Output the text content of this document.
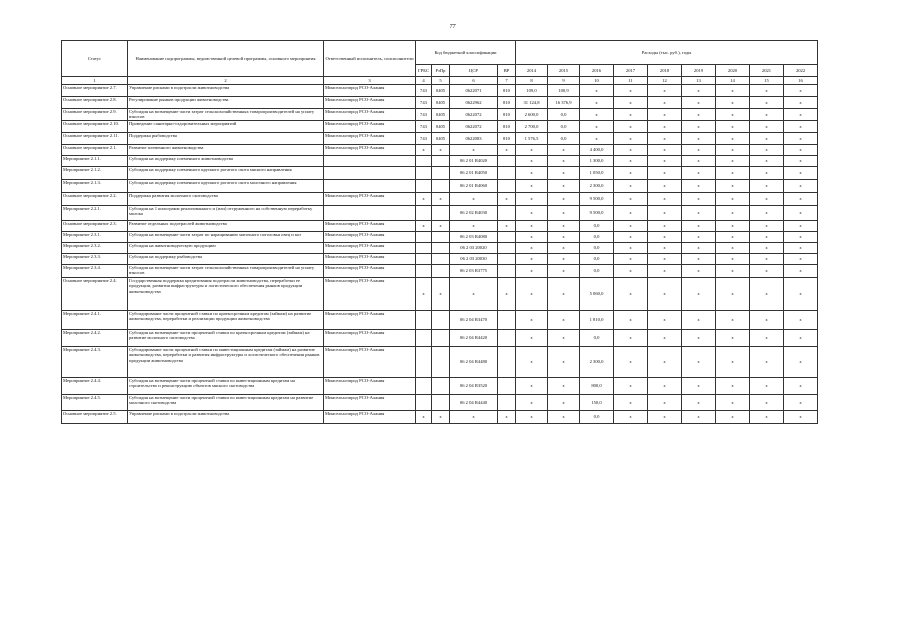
77
Статус	Наименование подпрограммы, ведомственной целевой программы, основного мероприятия	Ответственный исполнитель, соисполнители	Код бюджетной классификации				Расходы (тыс. руб.), годы								
			ГРБС	РзПр	ЦСР	ВР	2014	2015	2016	2017	2018	2019	2020	2021	2022
1	2	3	4	5	6	7	8	9	10	11	12	13	14	15	16
Основное мероприятие 2.7.	Управление рисками в подотрасли животноводства	Минсельхозпрод РСО-Алания	743	0405	0622071	810	109,0	100,9	x	x	x	x	x	x	x
Основное мероприятие 2.8.	Регулирование рынков продукции животноводства	Минсельхозпрод РСО-Алания	743	0405	0622962	810	31 124,8	16 376,9	x	x	x	x	x	x	x
Основное мероприятие 2.9.	Субсидия на возмещение части затрат сельскохозяйственных товаропроизводителей на уплату взносов	Минсельхозпрод РСО-Алания	743	0405	0622072	810	2 600,0	0,0	x	x	x	x	x	x	x
Основное мероприятие 2.10.	Проведение санитарно-оздоровительных мероприятий	Минсельхозпрод РСО-Алания	743	0405	0622072	810	2 700,0	0,0	x	x	x	x	x	x	x
Основное мероприятие 2.11.	Поддержка рыбоводства	Минсельхозпрод РСО-Алания	743	0405	0622083	810	1 576,5	0,0	x	x	x	x	x	x	x
Основное мероприятие 2.1.	Развитие племенного животноводства	Минсельхозпрод РСО-Алания	x	x	x	x	x	x	4 400,0	x	x	x	x	x	x
Мероприятие 2.1.1.	Субсидия на поддержку племенного животноводства				06 2 01 R4020		x	x	1 300,0	x	x	x	x	x	x
Мероприятие 2.1.2.	Субсидия на поддержку племенного крупного рогатого скота мясного направления				06 2 01 R4050		x	x	1 050,0	x	x	x	x	x	x
Мероприятие 2.1.3.	Субсидия на поддержку племенного крупного рогатого скота молочного направления				06 2 01 R4060		x	x	2 300,0	x	x	x	x	x	x
Основное мероприятие 2.2.	Поддержка развития молочного скотоводства	Минсельхозпрод РСО-Алания	x	x	x	x	x	x	9 500,0	x	x	x	x	x	x
Мероприятие 2.2.1.	Субсидия на 1 килограмм реализованного и (или) отгруженного на собственную переработку молока				06 2 02 R4030		x	x	9 500,0	x	x	x	x	x	x
Основное мероприятие 2.3.	Развитие отдельных подотраслей животноводства	Минсельхозпрод РСО-Алания	x	x	x	x	x	x	0,0	x	x	x	x	x	x
Мероприятие 2.3.1.	Субсидия на возмещение части затрат по наращиванию маточного поголовья овец и коз	Минсельхозпрод РСО-Алания			06 2 03 R4080		x	x	0,0	x	x	x	x	x	x
Мероприятие 2.3.2.	Субсидия на животноводческую продукцию	Минсельхозпрод РСО-Алания			06 2 03 20020		x	x	0,0	x	x	x	x	x	x
Мероприятие 2.3.3.	Субсидия на поддержку рыбоводства	Минсельхозпрод РСО-Алания			06 2 03 20030		x	x	0,0	x	x	x	x	x	x
Мероприятие 2.3.4.	Субсидия на возмещение части затрат сельскохозяйственных товаропроизводителей на уплату взносов	Минсельхозпрод РСО-Алания			06 2 03 R3775		x	x	0,0	x	x	x	x	x	x
Основное мероприятие 2.4.	Государственная поддержка кредитования подотрасли животноводства, переработки ее продукции, развития инфраструктуры и логистического обеспечения рынков продукции животноводства	Минсельхозпрод РСО-Алания	x	x	x	x	x	x	5 060,0	x	x	x	x	x	x
Мероприятие 2.4.1.	Субсидирование части процентной ставки по краткосрочным кредитам (займам) на развитие животноводства, переработки и реализации продукции животноводства	Минсельхозпрод РСО-Алания			06 2 04 R3470		x	x	1 810,0	x	x	x	x	x	x
Мероприятие 2.4.2.	Субсидия на возмещение части процентной ставки по краткосрочным кредитам (займам) на развитие молочного скотоводства	Минсельхозпрод РСО-Алания			06 2 04 R4420		x	x	0,0	x	x	x	x	x	x
Мероприятие 2.4.3.	Субсидирование части процентной ставки по инвестиционным кредитам (займам) на развитие животноводства, переработки и развития инфраструктуры и логистического обеспечения рынков продукции животноводства	Минсельхозпрод РСО-Алания			06 2 04 R4480		x	x	2 300,0	x	x	x	x	x	x
Мероприятие 2.4.4.	Субсидия на возмещение части процентной ставки по инвестиционным кредитам на строительство и реконструкцию объектов мясного скотоводства	Минсельхозпрод РСО-Алания			06 2 04 R3520		x	x	800,0	x	x	x	x	x	x
Мероприятие 2.4.5.	Субсидия на возмещение части процентной ставки по инвестиционным кредитам на развитие молочного скотоводства	Минсельхозпрод РСО-Алания			06 2 04 R4440		x	x	150,0	x	x	x	x	x	x
Основное мероприятие 2.5.	Управление рисками в подотрасли животноводства	Минсельхозпрод РСО-Алания	x	x	x	x	x	x	0,0	x	x	x	x	x	x
